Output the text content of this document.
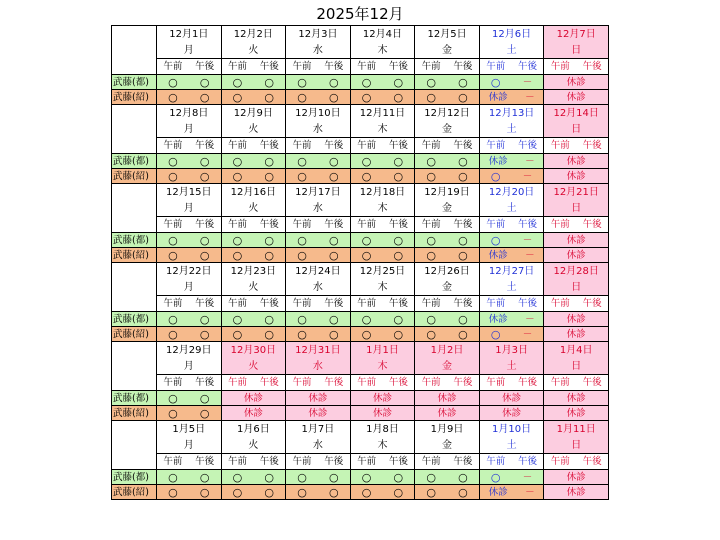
2025年12月
	12月1日	12月2日	12月3日	12月4日	12月5日	12月6日	12月7日
	月	火	水	木	金	土	日

	午前 午後	午前 午後	午前 午後	午前 午後	午前 午後	午前 午後	午前 午後

武藤(都)	○ ○	○ ○	○ ○	○ ○	○ ○	○ －	休診

武藤(紹)	○ ○	○ ○	○ ○	○ ○	○ ○	休診 －	休診

	12月8日	12月9日	12月10日	12月11日	12月12日	12月13日	12月14日
	月	火	水	木	金	土	日

	午前 午後	午前 午後	午前 午後	午前 午後	午前 午後	午前 午後	午前 午後

武藤(都)	○ ○	○ ○	○ ○	○ ○	○ ○	休診 －	休診

武藤(紹)	○ ○	○ ○	○ ○	○ ○	○ ○	○ －	休診

	12月15日	12月16日	12月17日	12月18日	12月19日	12月20日	12月21日
	月	火	水	木	金	土	日

	午前 午後	午前 午後	午前 午後	午前 午後	午前 午後	午前 午後	午前 午後

武藤(都)	○ ○	○ ○	○ ○	○ ○	○ ○	○ －	休診

武藤(紹)	○ ○	○ ○	○ ○	○ ○	○ ○	休診 －	休診

	12月22日	12月23日	12月24日	12月25日	12月26日	12月27日	12月28日
	月	火	水	木	金	土	日

	午前 午後	午前 午後	午前 午後	午前 午後	午前 午後	午前 午後	午前 午後

武藤(都)	○ ○	○ ○	○ ○	○ ○	○ ○	休診 －	休診

武藤(紹)	○ ○	○ ○	○ ○	○ ○	○ ○	○ －	休診

	12月29日	12月30日	12月31日	1月1日	1月2日	1月3日	1月4日
	月	火	水	木	金	土	日

	午前 午後	午前 午後	午前 午後	午前 午後	午前 午後	午前 午後	午前 午後

武藤(都)	○ ○	休診	休診	休診	休診	休診	休診

武藤(紹)	○ ○	休診	休診	休診	休診	休診	休診

	1月5日	1月6日	1月7日	1月8日	1月9日	1月10日	1月11日
	月	火	水	木	金	土	日

	午前 午後	午前 午後	午前 午後	午前 午後	午前 午後	午前 午後	午前 午後

武藤(都)	○ ○	○ ○	○ ○	○ ○	○ ○	○ －	休診

武藤(紹)	○ ○	○ ○	○ ○	○ ○	○ ○	休診 －	休診
